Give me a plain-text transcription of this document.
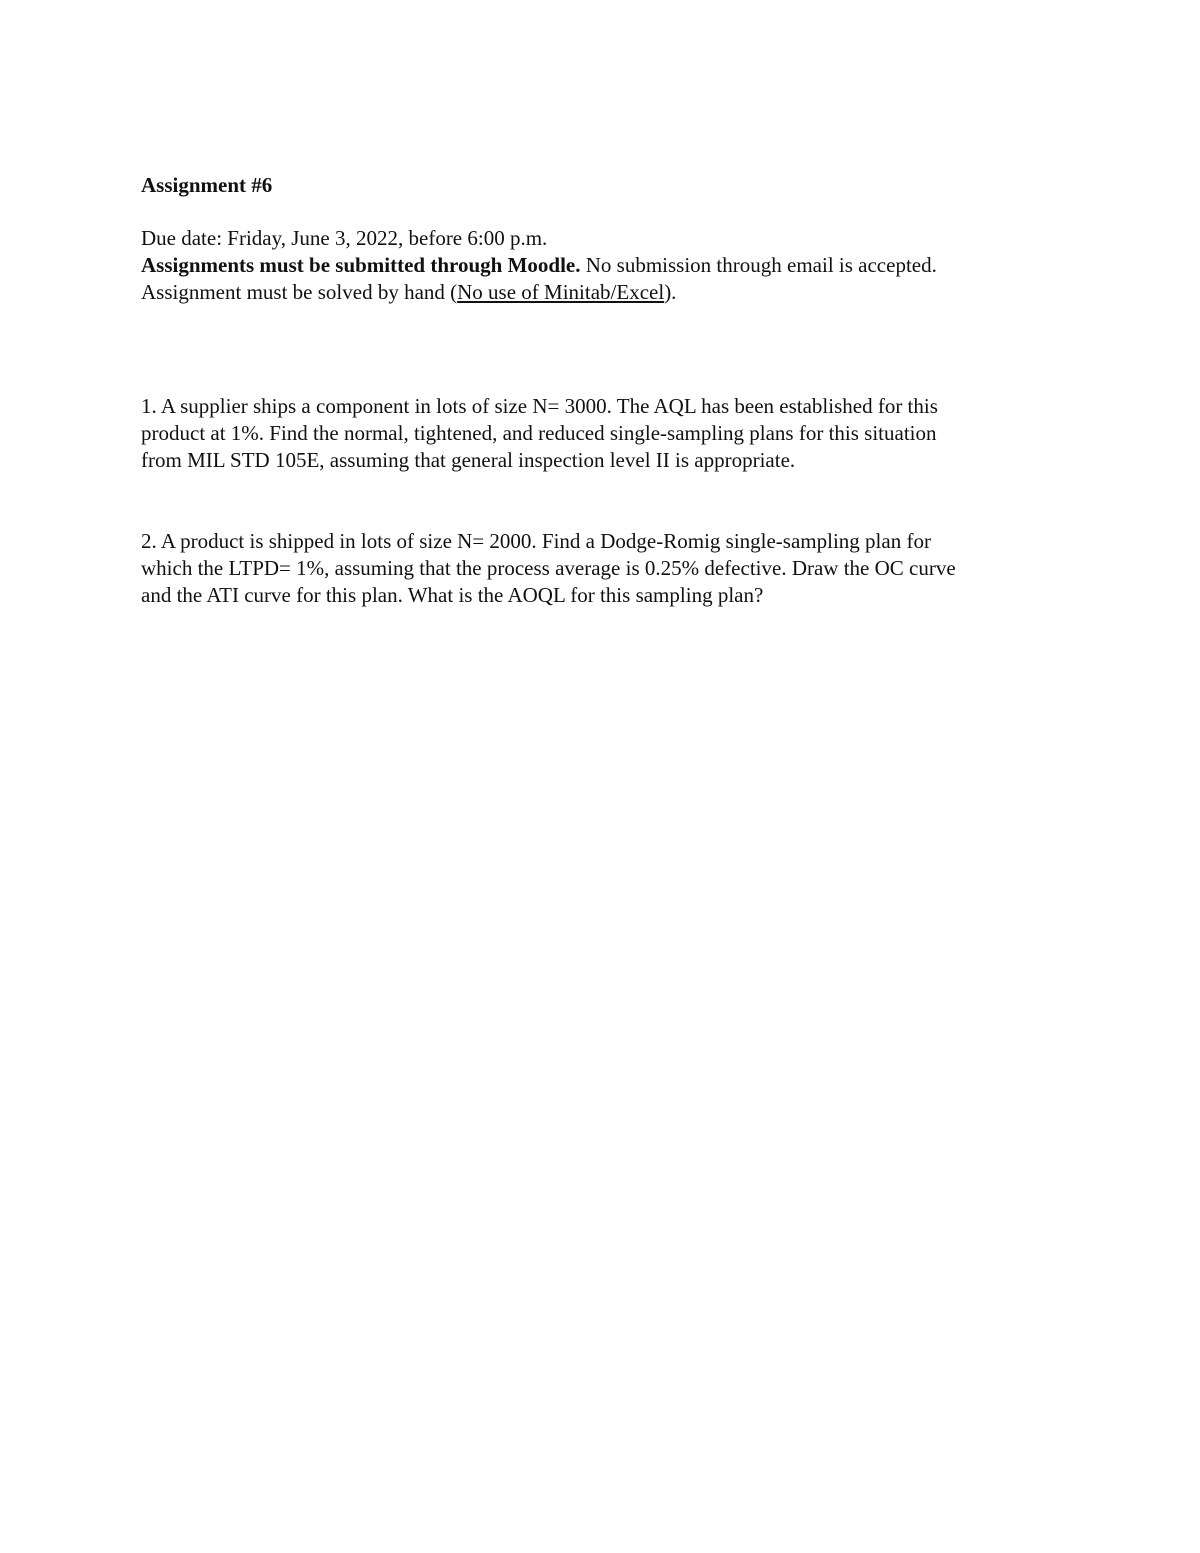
Assignment #6
Due date: Friday, June 3, 2022, before 6:00 p.m.
Assignments must be submitted through Moodle. No submission through email is accepted.
Assignment must be solved by hand (No use of Minitab/Excel).

1. A supplier ships a component in lots of size N= 3000. The AQL has been established for this
product at 1%. Find the normal, tightened, and reduced single-sampling plans for this situation
from MIL STD 105E, assuming that general inspection level II is appropriate.

2. A product is shipped in lots of size N= 2000. Find a Dodge-Romig single-sampling plan for
which the LTPD= 1%, assuming that the process average is 0.25% defective. Draw the OC curve
and the ATI curve for this plan. What is the AOQL for this sampling plan?
